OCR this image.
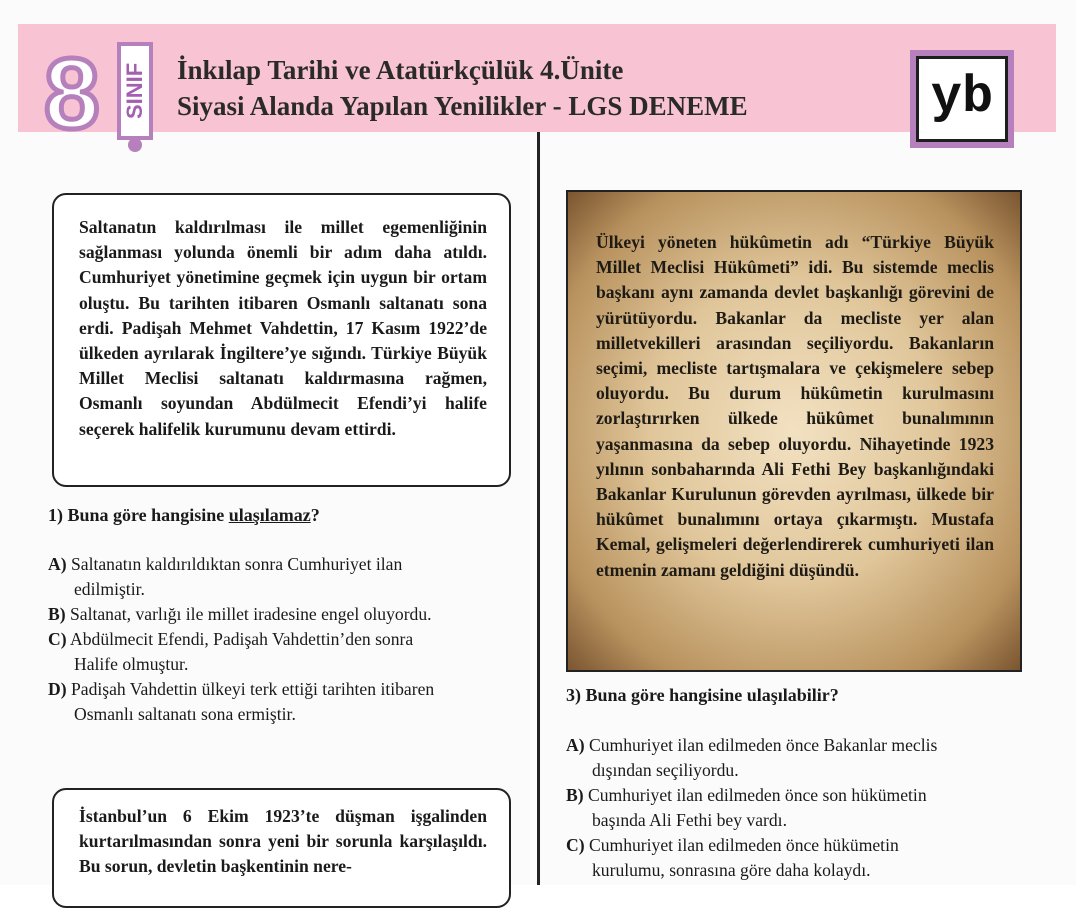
8	SINIF İnkılap Tarihi ve Atatürkçülük 4.Ünite
Siyasi Alanda Yapılan Yenilikler - LGS DENEME	yb
Saltanatın kaldırılması ile millet egemenliğinin sağlanması yolunda önemli bir adım daha atıldı. Cumhuriyet yönetimine geçmek için uygun bir ortam oluştu. Bu tarihten itibaren Osmanlı saltanatı sona erdi. Padişah Mehmet Vahdettin, 17 Kasım 1922’de ülkeden ayrılarak İngiltere’ye sığındı. Türkiye Büyük Millet Meclisi saltanatı kaldırmasına rağmen, Osmanlı soyundan Abdülmecit Efendi’yi halife seçerek halifelik kurumunu devam ettirdi.
1) Buna göre hangisine ulaşılamaz?
A) Saltanatın kaldırıldıktan sonra Cumhuriyet ilan
edilmiştir.
B) Saltanat, varlığı ile millet iradesine engel oluyordu.
C) Abdülmecit Efendi, Padişah Vahdettin’den sonra
Halife olmuştur.
D) Padişah Vahdettin ülkeyi terk ettiği tarihten itibaren
Osmanlı saltanatı sona ermiştir.
İstanbul’un 6 Ekim 1923’te düşman işgalinden kurtarılmasından sonra yeni bir sorunla karşılaşıldı. Bu sorun, devletin başkentinin nere-
Ülkeyi yöneten hükûmetin adı “Türkiye Büyük Millet Meclisi Hükûmeti” idi. Bu sistemde meclis başkanı aynı zamanda devlet başkanlığı görevini de yürütüyordu. Bakanlar da mecliste yer alan milletvekilleri arasından seçiliyordu. Bakanların seçimi, mecliste tartışmalara ve çekişmelere sebep oluyordu. Bu durum hükûmetin kurulmasını zorlaştırırken ülkede hükûmet bunalımının yaşanmasına da sebep oluyordu. Nihayetinde 1923 yılının sonbaharında Ali Fethi Bey başkanlığındaki Bakanlar Kurulunun görevden ayrılması, ülkede bir hükûmet bunalımını ortaya çıkarmıştı. Mustafa Kemal, gelişmeleri değerlendirerek cumhuriyeti ilan etmenin zamanı geldiğini düşündü.
3) Buna göre hangisine ulaşılabilir?
A) Cumhuriyet ilan edilmeden önce Bakanlar meclis
dışından seçiliyordu.
B) Cumhuriyet ilan edilmeden önce son hükümetin
başında Ali Fethi bey vardı.
C) Cumhuriyet ilan edilmeden önce hükümetin
kurulumu, sonrasına göre daha kolaydı.
